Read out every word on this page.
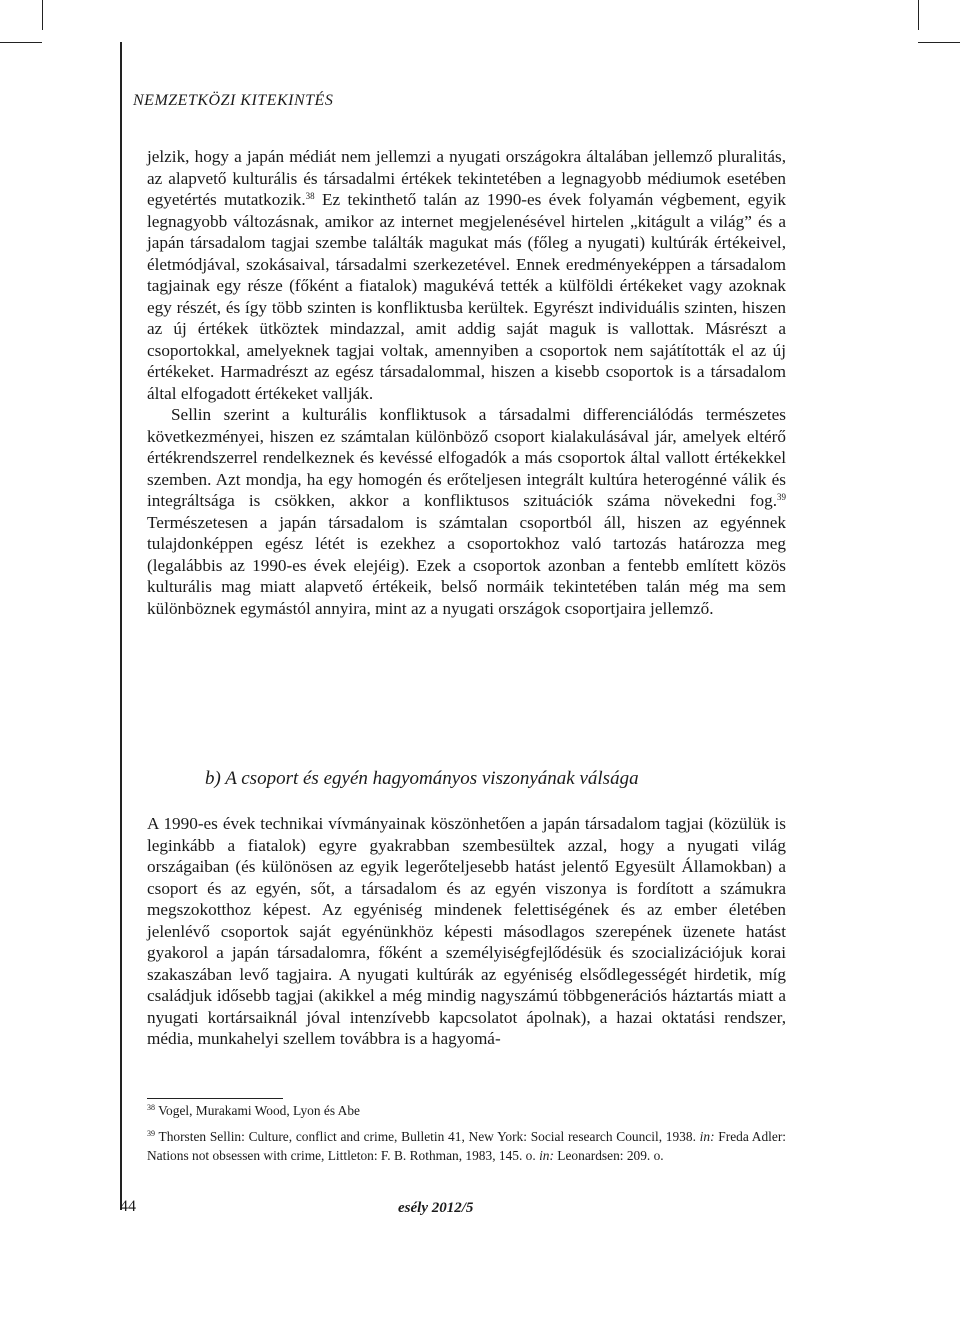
NEMZETKÖZI KITEKINTÉS

jelzik, hogy a japán médiát nem jellemzi a nyugati országokra általában jellemző pluralitás, az alapvető kulturális és társadalmi értékek tekintetében a legnagyobb médiumok esetében egyetértés mutatkozik.$^{38}$ Ez tekinthető talán az 1990-es évek folyamán végbement, egyik legnagyobb változásnak, amikor az internet megjelenésével hirtelen „kitágult a világ” és a japán társadalom tagjai szembe találták magukat más (főleg a nyugati) kultúrák értékeivel, életmódjával, szokásaival, társadalmi szerkezetével. Ennek eredményeképpen a társadalom tagjainak egy része (főként a fiatalok) magukévá tették a külföldi értékeket vagy azoknak egy részét, és így több szinten is konfliktusba kerültek. Egyrészt individuális szinten, hiszen az új értékek ütköztek mindazzal, amit addig saját maguk is vallottak. Másrészt a csoportokkal, amelyeknek tagjai voltak, amennyiben a csoportok nem sajátították el az új értékeket. Harmadrészt az egész társadalommal, hiszen a kisebb csoportok is a társadalom által elfogadott értékeket vallják.

Sellin szerint a kulturális konfliktusok a társadalmi differenciálódás természetes következményei, hiszen ez számtalan különböző csoport kialakulásával jár, amelyek eltérő értékrendszerrel rendelkeznek és kevéssé elfogadók a más csoportok által vallott értékekkel szemben. Azt mondja, ha egy homogén és erőteljesen integrált kultúra heterogénné válik és integráltsága is csökken, akkor a konfliktusos szituációk száma növekedni fog.$^{39}$ Természetesen a japán társadalom is számtalan csoportból áll, hiszen az egyénnek tulajdonképpen egész létét is ezekhez a csoportokhoz való tartozás határozza meg (legalábbis az 1990-es évek elejéig). Ezek a csoportok azonban a fentebb említett közös kulturális mag miatt alapvető értékeik, belső normáik tekintetében talán még ma sem különböznek egymástól annyira, mint az a nyugati országok csoportjaira jellemző.

b) A csoport és egyén hagyományos viszonyának válsága

A 1990-es évek technikai vívmányainak köszönhetően a japán társadalom tagjai (közülük is leginkább a fiatalok) egyre gyakrabban szembesültek azzal, hogy a nyugati világ országaiban (és különösen az egyik legerőteljesebb hatást jelentő Egyesült Államokban) a csoport és az egyén, sőt, a társadalom és az egyén viszonya is fordított a számukra megszokotthoz képest. Az egyéniség mindenek felettiségének és az ember életében jelenlévő csoportok saját egyénünkhöz képesti másodlagos szerepének üzenete hatást gyakorol a japán társadalomra, főként a személyiségfejlődésük és szocializációjuk korai szakaszában levő tagjaira. A nyugati kultúrák az egyéniség elsődlegességét hirdetik, míg családjuk idősebb tagjai (akikkel a még mindig nagyszámú többgenerációs háztartás miatt a nyugati kortársaiknál jóval intenzívebb kapcsolatot ápolnak), a hazai oktatási rendszer, média, munkahelyi szellem továbbra is a hagyomá-

$^{38}$ Vogel, Murakami Wood, Lyon és Abe

$^{39}$ Thorsten Sellin: Culture, conflict and crime, Bulletin 41, New York: Social research Council, 1938. in: Freda Adler: Nations not obsessen with crime, Littleton: F. B. Rothman, 1983, 145. o. in: Leonardsen: 209. o.

44	esély 2012/5
